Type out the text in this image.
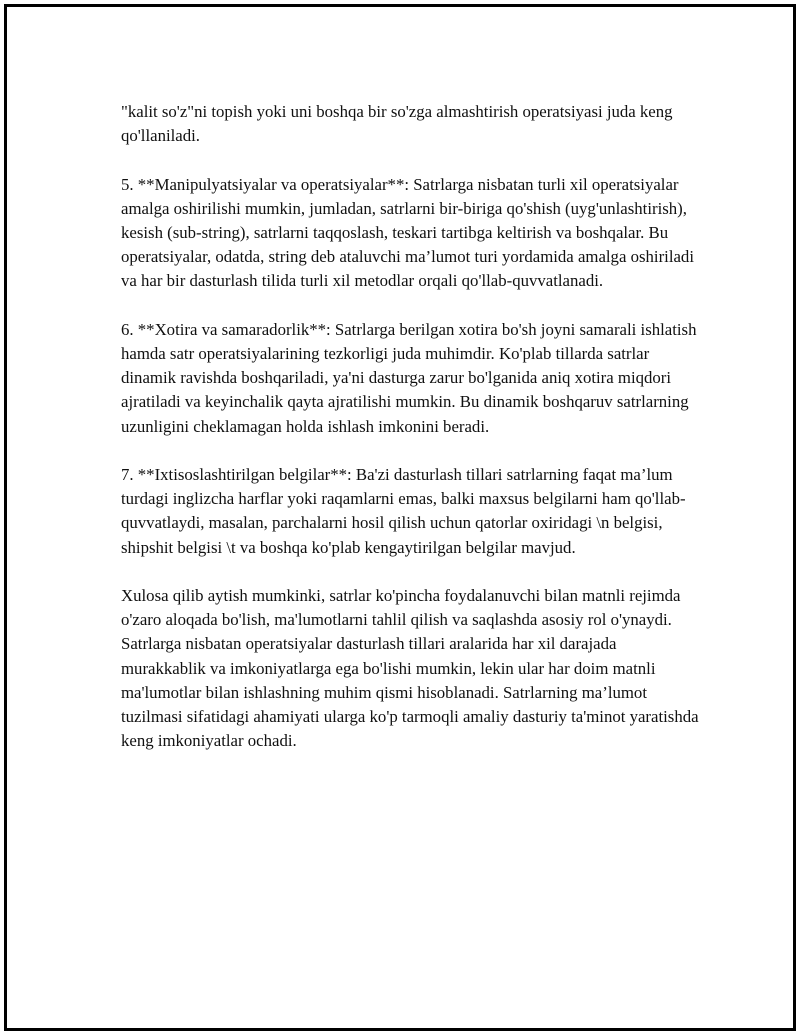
"kalit so'z"ni topish yoki uni boshqa bir so'zga almashtirish operatsiyasi juda keng qo'llaniladi.

5. **Manipulyatsiyalar va operatsiyalar**: Satrlarga nisbatan turli xil operatsiyalar amalga oshirilishi mumkin, jumladan, satrlarni bir-biriga qo'shish (uyg'unlashtirish), kesish (sub-string), satrlarni taqqoslash, teskari tartibga keltirish va boshqalar. Bu operatsiyalar, odatda, string deb ataluvchi ma’lumot turi yordamida amalga oshiriladi va har bir dasturlash tilida turli xil metodlar orqali qo'llab-quvvatlanadi.

6. **Xotira va samaradorlik**: Satrlarga berilgan xotira bo'sh joyni samarali ishlatish hamda satr operatsiyalarining tezkorligi juda muhimdir. Ko'plab tillarda satrlar dinamik ravishda boshqariladi, ya'ni dasturga zarur bo'lganida aniq xotira miqdori ajratiladi va keyinchalik qayta ajratilishi mumkin. Bu dinamik boshqaruv satrlarning uzunligini cheklamagan holda ishlash imkonini beradi.

7. **Ixtisoslashtirilgan belgilar**: Ba'zi dasturlash tillari satrlarning faqat ma’lum turdagi inglizcha harflar yoki raqamlarni emas, balki maxsus belgilarni ham qo'llab-quvvatlaydi, masalan, parchalarni hosil qilish uchun qatorlar oxiridagi \n belgisi, shipshit belgisi \t va boshqa ko'plab kengaytirilgan belgilar mavjud.

Xulosa qilib aytish mumkinki, satrlar ko'pincha foydalanuvchi bilan matnli rejimda o'zaro aloqada bo'lish, ma'lumotlarni tahlil qilish va saqlashda asosiy rol o'ynaydi. Satrlarga nisbatan operatsiyalar dasturlash tillari aralarida har xil darajada murakkablik va imkoniyatlarga ega bo'lishi mumkin, lekin ular har doim matnli ma'lumotlar bilan ishlashning muhim qismi hisoblanadi. Satrlarning ma’lumot tuzilmasi sifatidagi ahamiyati ularga ko'p tarmoqli amaliy dasturiy ta'minot yaratishda keng imkoniyatlar ochadi.
